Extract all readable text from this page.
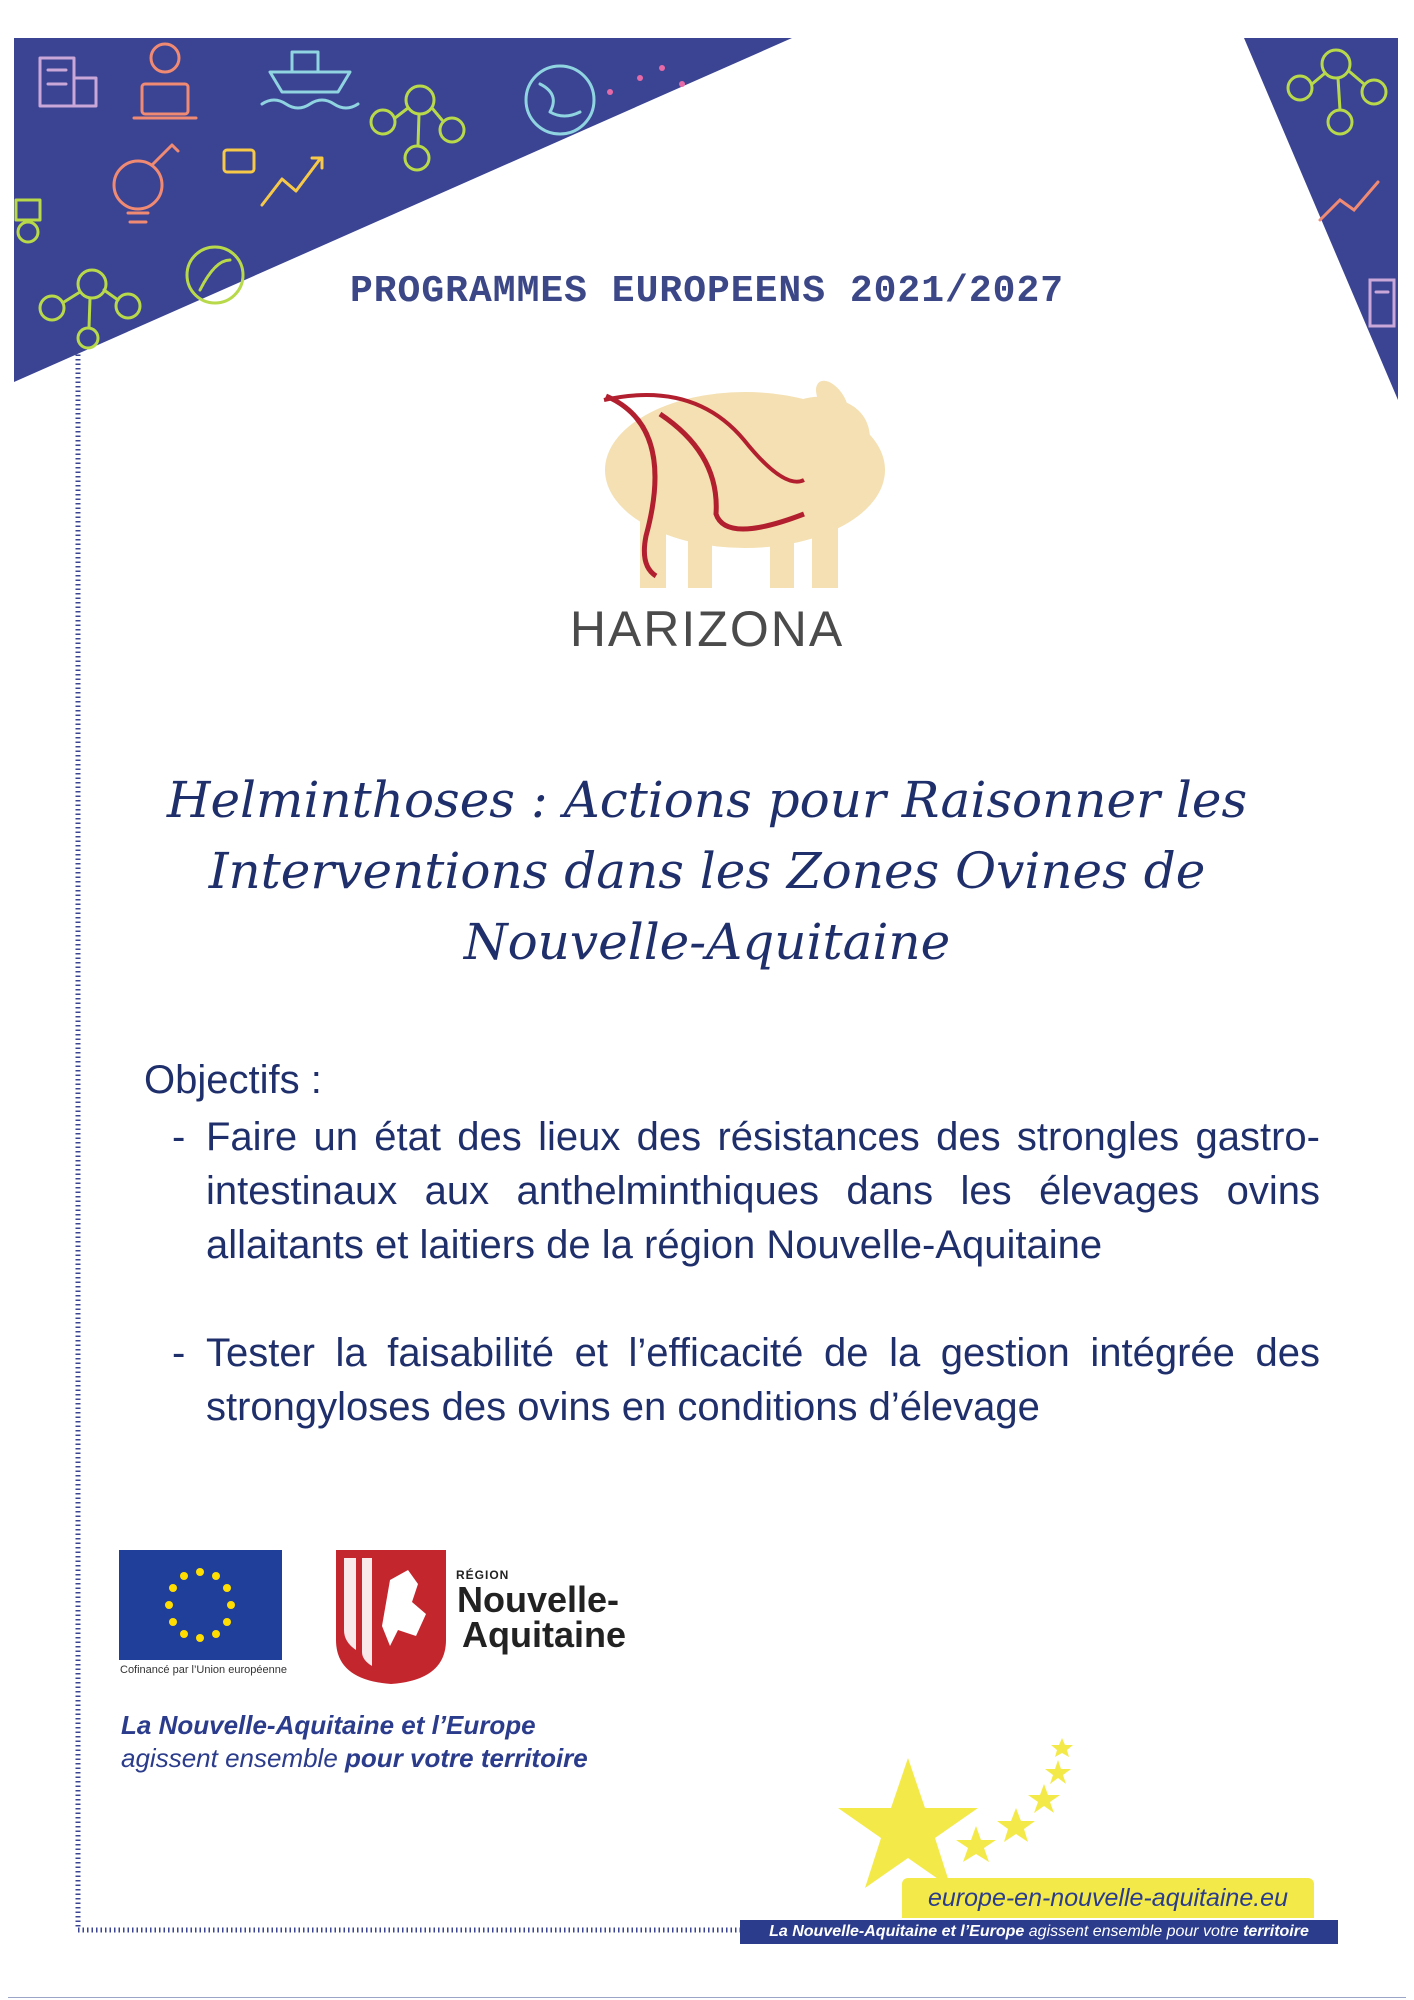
PROGRAMMES EUROPEENS 2021/2027
HARIZONA
Helminthoses : Actions pour Raisonner les
Interventions dans les Zones Ovines de
Nouvelle-Aquitaine
Objectifs :
- Faire un état des lieux des résistances des strongles gastro-intestinaux aux anthelminthiques dans les élevages ovins allaitants et laitiers de la région Nouvelle-Aquitaine
- Tester la faisabilité et l’efficacité de la gestion intégrée des strongyloses des ovins en conditions d’élevage
Cofinancé par l’Union européenne
RÉGION
Nouvelle-
Aquitaine
La Nouvelle-Aquitaine et l’Europe
agissent ensemble pour votre territoire
europe-en-nouvelle-aquitaine.eu
La Nouvelle-Aquitaine et l’Europe agissent ensemble pour votre territoire
